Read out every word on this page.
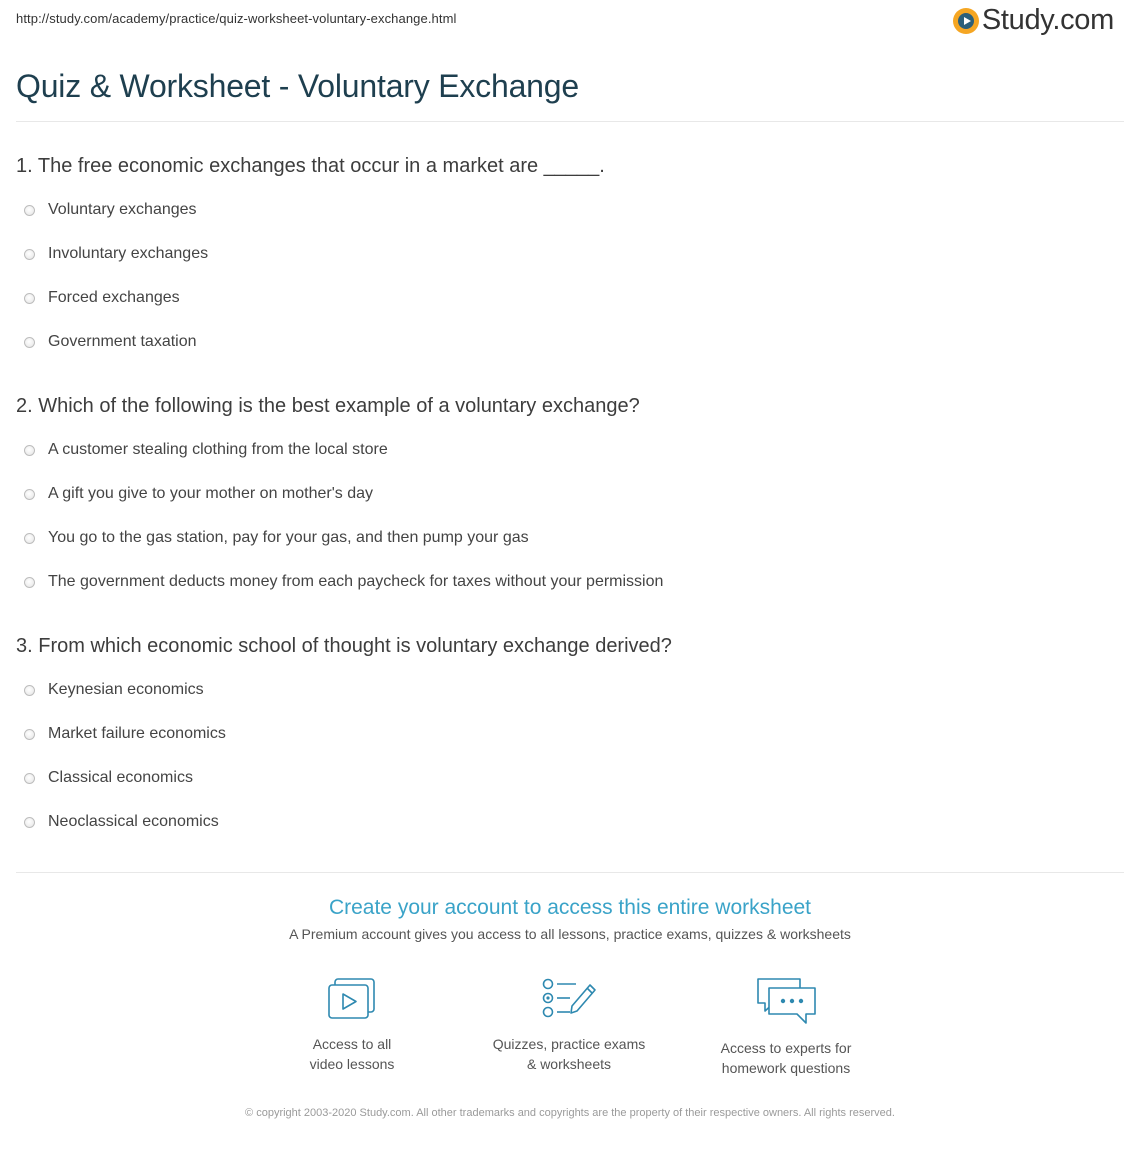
http://study.com/academy/practice/quiz-worksheet-voluntary-exchange.html	Study.com
Quiz & Worksheet - Voluntary Exchange
1. The free economic exchanges that occur in a market are _____.
Voluntary exchanges
Involuntary exchanges
Forced exchanges
Government taxation
2. Which of the following is the best example of a voluntary exchange?
A customer stealing clothing from the local store
A gift you give to your mother on mother's day
You go to the gas station, pay for your gas, and then pump your gas
The government deducts money from each paycheck for taxes without your permission
3. From which economic school of thought is voluntary exchange derived?
Keynesian economics
Market failure economics
Classical economics
Neoclassical economics
Create your account to access this entire worksheet
A Premium account gives you access to all lessons, practice exams, quizzes & worksheets
Access to all
video lessons
Quizzes, practice exams
& worksheets
Access to experts for
homework questions
© copyright 2003-2020 Study.com. All other trademarks and copyrights are the property of their respective owners. All rights reserved.
